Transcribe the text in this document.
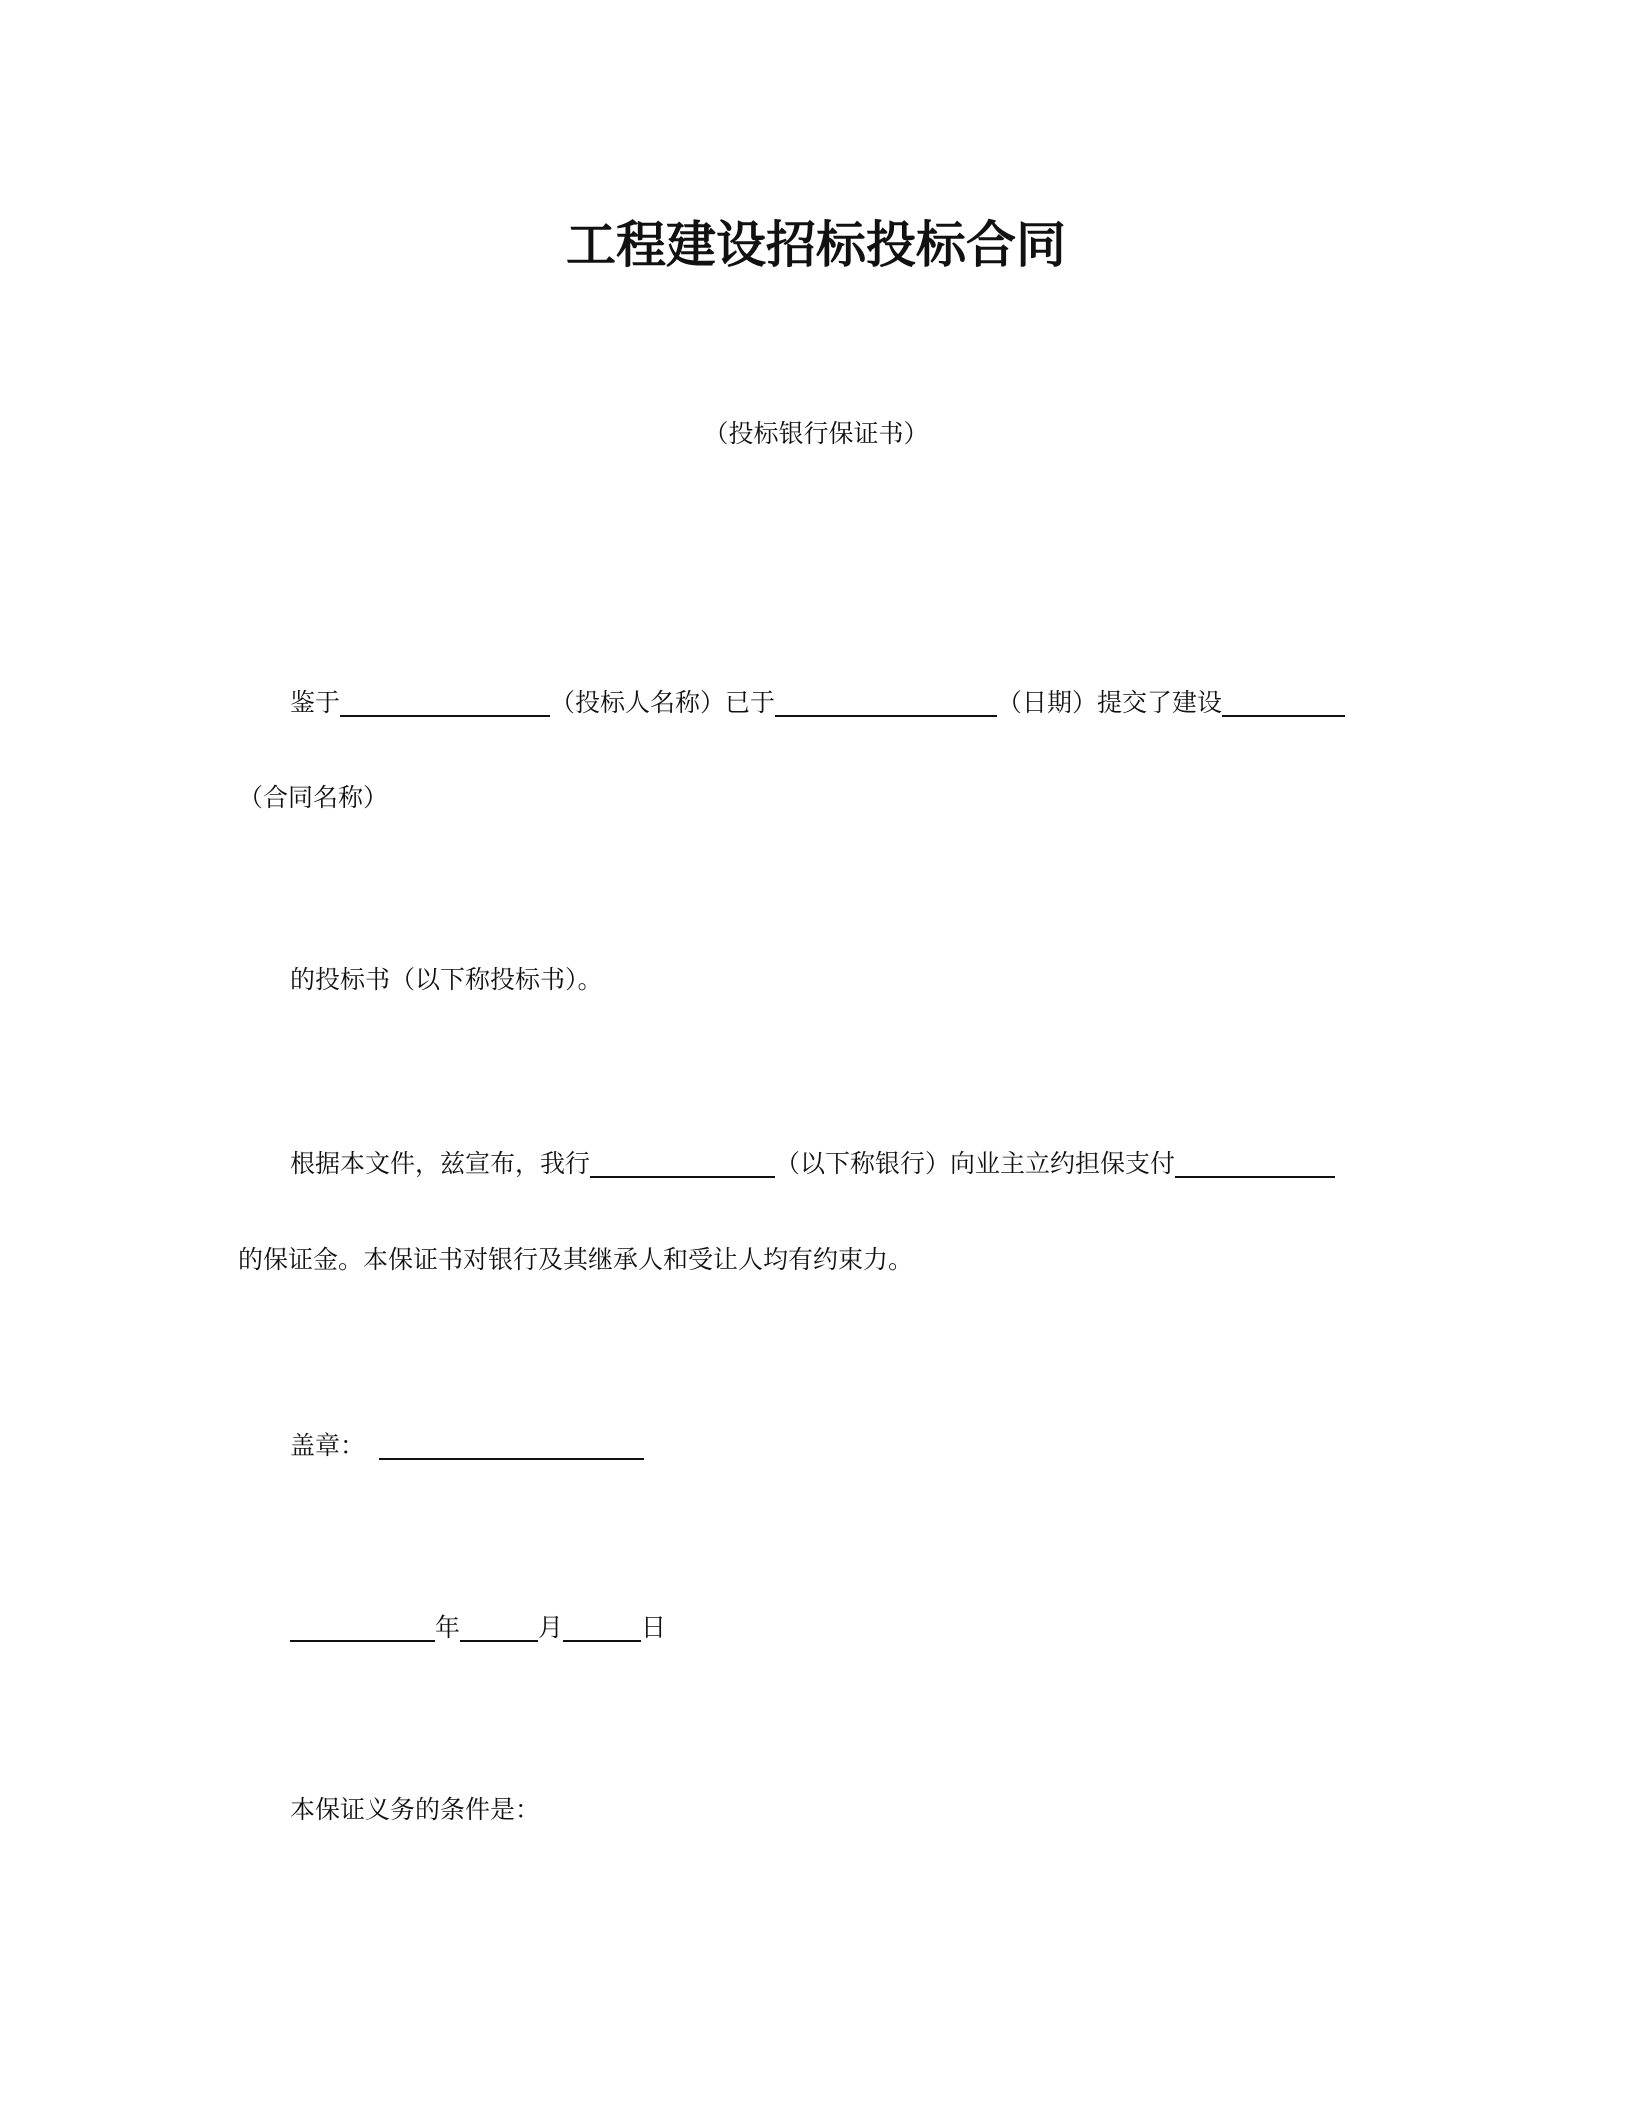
工程建设招标投标合同
（投标银行保证书）
鉴于	（投标人名称）已于	（日期）提交了建设
（合同名称）
的投标书（以下称投标书）。
根据本文件，兹宣布，我行	（以下称银行）向业主立约担保支付
的保证金。本保证书对银行及其继承人和受让人均有约束力。
盖章：
年	月	日
本保证义务的条件是：
